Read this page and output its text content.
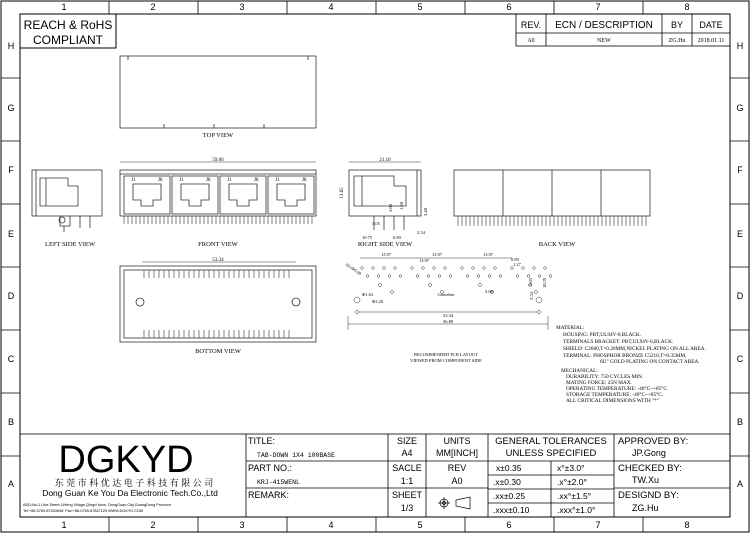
1
1
2
2
3
3
4
4
5
5
6
6
7
7
8
8
H	H
G	G
F	F
E	E
D	D
C	C
B	B
A	A
REACH & RoHS
COMPLIANT
REV. ECN / DESCRIPTION BY DATE
A0	NEW	ZG.Hu 2018.01.11
TOP VIEW
LEFT SIDE VIEW
J1	J8	J1	J8	J1	J8	J1	J8
59.06
13.65
FRONT VIEW
21.10
3.00 1.60
3.40
3.05
10.75	6.89
2.54
RIGHT SIDE VIEW	BACK VIEW
53.34
BOTTOM VIEW
13.97	13.97	13.97
13.97	0.89
1.27
3.05 10.29
2.54
5.08
Φ1.63
Φ3.20
53.34
56.89
32×Φ0.90
Centerline
RECOMMENDED PCB LAYOUT
VIEWED FROM COMPONENT SIDE
MATERIAL:
HOUSING: PBT,UL94V-0,BLACK.
TERMINALS BRACKET: PBT,UL94V-0,BLACK.
SHIELD: C2680,T=0.20MM,NICKEL PLATING ON ALL AREA.
TERMINAL: PHOSPHOR BRONZE C5210,T=0.35MM,
6U" GOLD PLATING ON CONTACT AREA.
MECHANICAL:
DURABILITY: 750 CYCLES MIN.
MATING FORCE: 25N MAX.
OPERATING TEMPERATURE: -40°C~+85°C.
STORAGE TEMPERATURE: -40°C~+85°C.
ALL CRITICAL DIMENSIONS WITH "*"
DGKYD
东 莞 市 科 优 达 电 子 科 技 有 限 公 司
Dong Guan Ke You Da Electronic Tech.Co.,Ltd
ADD:No.1 Lihe Street,LiHeng Village,Qingxi town, DongGuan City,GuangDong Province
Tel:+86-0769-87334606; Fax:+86-0769-87847129 WWW.DGKYD.COM
TITLE:
TAB-DOWN 1X4 100BASE
PART NO.:
KRJ-415WENL
REMARK:
SIZE
A4
UNITS
MM[INCH]
SACLE
1:1
REV
A0
SHEET
1/3
GENERAL TOLERANCES
UNLESS SPECIFIED
x±0.35	x°±3.0°
.x±0.30	.x°±2.0°
.xx±0.25	.xx°±1.5°
.xxx±0.10	.xxx°±1.0°
APPROVED BY:
JP.Gong
CHECKED BY:
TW.Xu
DESIGND BY:
ZG.Hu
